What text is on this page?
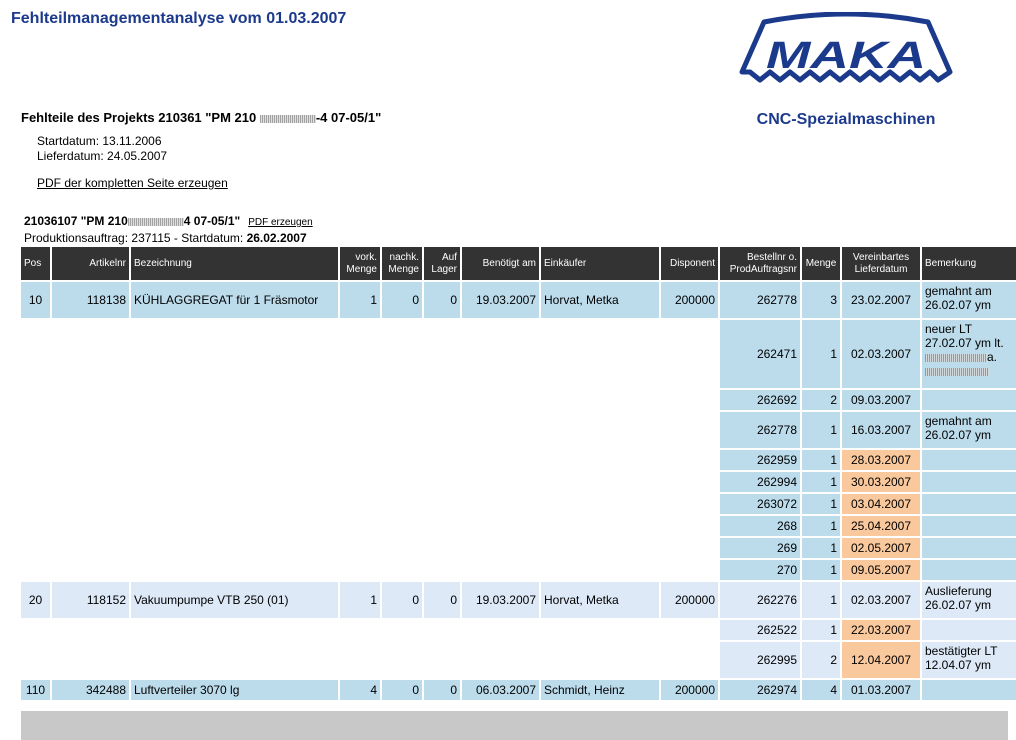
Fehlteilmanagementanalyse vom 01.03.2007
MAKA
CNC-Spezialmaschinen
Fehlteile des Projekts 210361 "PM 210	-4 07-05/1"
Startdatum: 13.11.2006
Lieferdatum: 24.05.2007
PDF der kompletten Seite erzeugen
21036107 "PM 210	4 07-05/1" PDF erzeugen
Produktionsauftrag: 237115 - Startdatum: 26.02.2007
Pos	Artikelnr	Bezeichnung	vork. Menge	nachk. Menge	Auf Lager	Benötigt am	Einkäufer	Disponent	Bestellnr o. ProdAuftragsnr	Menge	Vereinbartes Lieferdatum	Bemerkung
10	118138	KÜHLAGGREGAT für 1 Fräsmotor	1	0	0	19.03.2007	Horvat, Metka	200000	262778	3	23.02.2007	gemahnt am
26.02.07 ym

									262471	1	02.03.2007	neuer LT
27.02.07 ym lt.
a.

									262692	2	09.03.2007	
									262778	1	16.03.2007	gemahnt am
26.02.07 ym

									262959	1	28.03.2007	
									262994	1	30.03.2007	
									263072	1	03.04.2007	
									268	1	25.04.2007	
									269	1	02.05.2007	
									270	1	09.05.2007	
20	118152	Vakuumpumpe VTB 250 (01)	1	0	0	19.03.2007	Horvat, Metka	200000	262276	1	02.03.2007	Auslieferung
26.02.07 ym

									262522	1	22.03.2007	
									262995	2	12.04.2007	bestätigter LT
12.04.07 ym

110	342488	Luftverteiler 3070 lg	4	0	0	06.03.2007	Schmidt, Heinz	200000	262974	4	01.03.2007	
